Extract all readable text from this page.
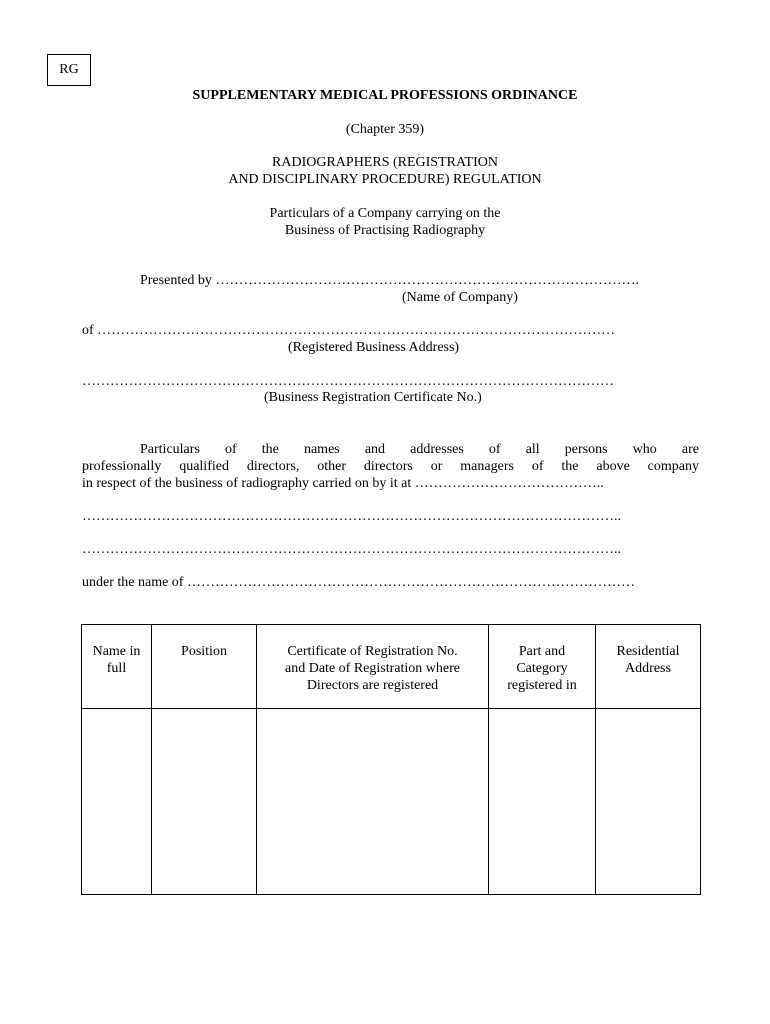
RG
SUPPLEMENTARY MEDICAL PROFESSIONS ORDINANCE
(Chapter 359)
RADIOGRAPHERS (REGISTRATION
AND DISCIPLINARY PROCEDURE) REGULATION
Particulars of a Company carrying on the
Business of Practising Radiography
Presented by ……………………………………………………………………………….
(Name of Company)
of …………………………………………………………………………………………………
(Registered Business Address)
……………………………………………………………………………………………………
(Business Registration Certificate No.)
Particulars of the names and addresses of all persons who are
professionally qualified directors, other directors or managers of the above company
in respect of the business of radiography carried on by it at …………………………………..
……………………………………………………………………………………………………..
……………………………………………………………………………………………………..
under the name of ……………………………………………………………………………………
Name in
full	Position	Certificate of Registration No.
and Date of Registration where
Directors are registered	Part and
Category
registered in	Residential
Address
